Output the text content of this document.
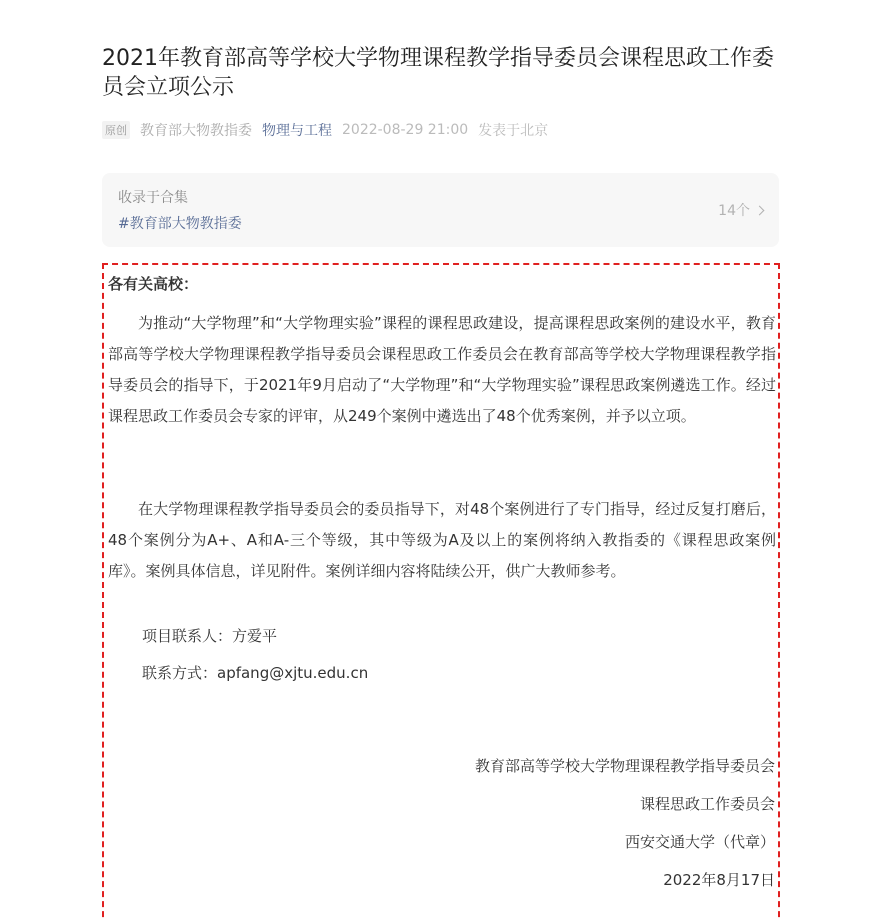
2021年教育部高等学校大学物理课程教学指导委员会课程思政工作委员会立项公示
原创 教育部大物教指委 物理与工程 2022-08-29 21:00 发表于北京
收录于合集
#教育部大物教指委
14个
各有关高校：

为推动“大学物理”和“大学物理实验”课程的课程思政建设，提高课程思政案例的建设水平，教育部高等学校大学物理课程教学指导委员会课程思政工作委员会在教育部高等学校大学物理课程教学指导委员会的指导下，于2021年9月启动了“大学物理”和“大学物理实验”课程思政案例遴选工作。经过课程思政工作委员会专家的评审，从249个案例中遴选出了48个优秀案例，并予以立项。

在大学物理课程教学指导委员会的委员指导下，对48个案例进行了专门指导，经过反复打磨后，48个案例分为A+、A和A-三个等级，其中等级为A及以上的案例将纳入教指委的《课程思政案例库》。案例具体信息，详见附件。案例详细内容将陆续公开，供广大教师参考。

项目联系人：方爱平
联系方式：apfang@xjtu.edu.cn
教育部高等学校大学物理课程教学指导委员会
课程思政工作委员会
西安交通大学（代章）
2022年8月17日
